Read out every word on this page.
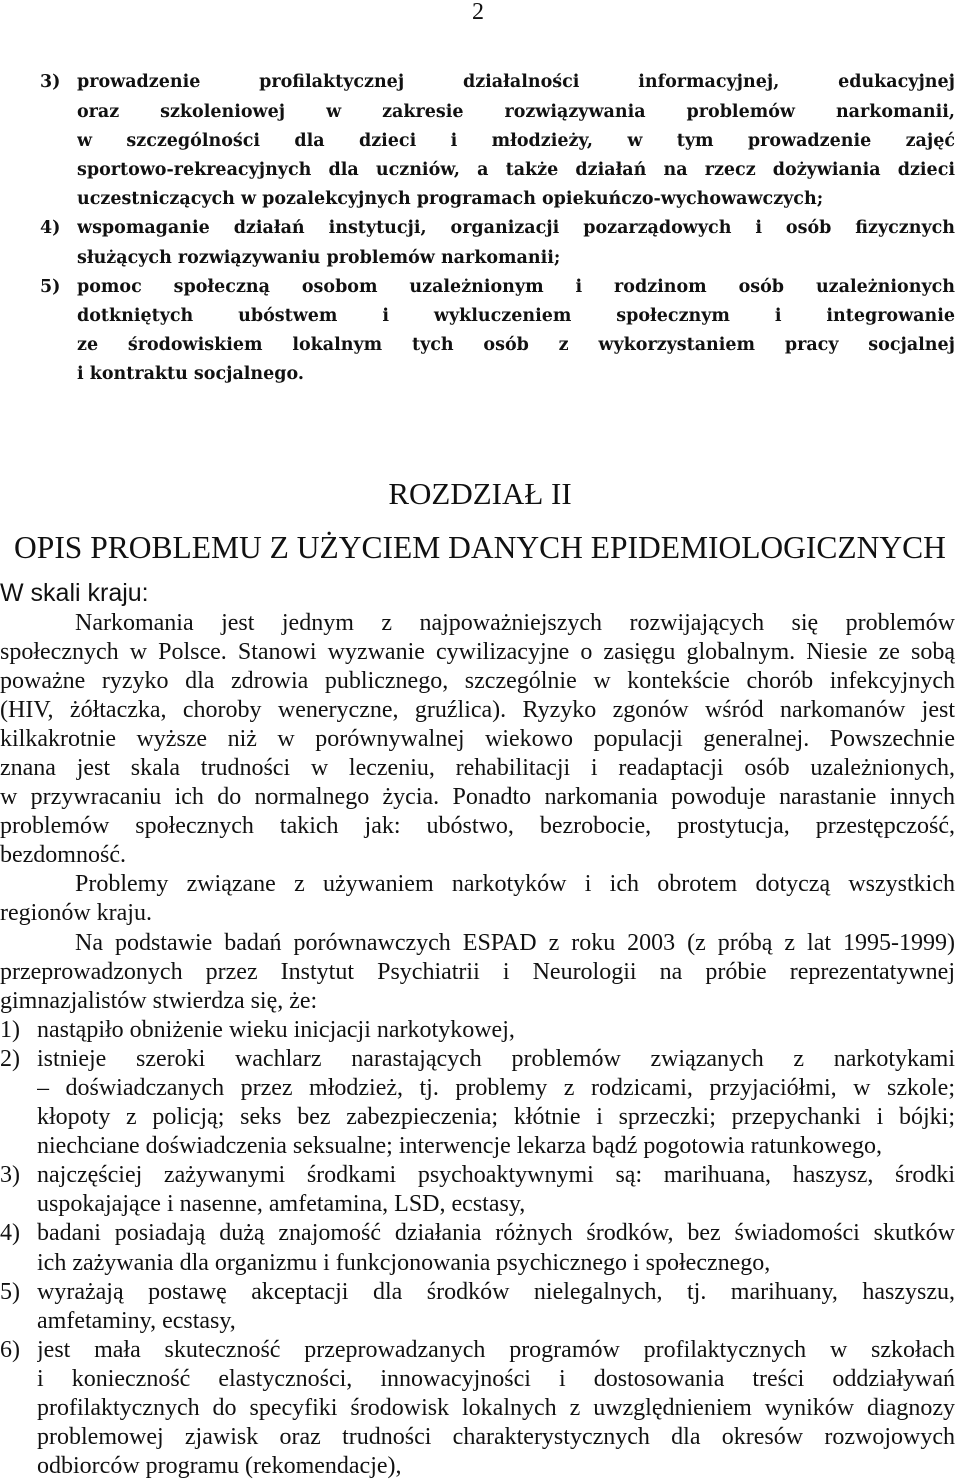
2
3) prowadzenie profilaktycznej działalności informacyjnej, edukacyjnej
oraz szkoleniowej w zakresie rozwiązywania problemów narkomanii,
w szczególności dla dzieci i młodzieży, w tym prowadzenie zajęć
sportowo-rekreacyjnych dla uczniów, a także działań na rzecz dożywiania dzieci
uczestniczących w pozalekcyjnych programach opiekuńczo-wychowawczych;
4) wspomaganie działań instytucji, organizacji pozarządowych i osób fizycznych
służących rozwiązywaniu problemów narkomanii;
5) pomoc społeczną osobom uzależnionym i rodzinom osób uzależnionych
dotkniętych ubóstwem i wykluczeniem społecznym i integrowanie
ze środowiskiem lokalnym tych osób z wykorzystaniem pracy socjalnej
i kontraktu socjalnego.
ROZDZIAŁ II
OPIS PROBLEMU Z UŻYCIEM DANYCH EPIDEMIOLOGICZNYCH
W skali kraju:
Narkomania jest jednym z najpoważniejszych rozwijających się problemów
społecznych w Polsce. Stanowi wyzwanie cywilizacyjne o zasięgu globalnym. Niesie ze sobą
poważne ryzyko dla zdrowia publicznego, szczególnie w kontekście chorób infekcyjnych
(HIV, żółtaczka, choroby weneryczne, gruźlica). Ryzyko zgonów wśród narkomanów jest
kilkakrotnie wyższe niż w porównywalnej wiekowo populacji generalnej. Powszechnie
znana jest skala trudności w leczeniu, rehabilitacji i readaptacji osób uzależnionych,
w przywracaniu ich do normalnego życia. Ponadto narkomania powoduje narastanie innych
problemów społecznych takich jak: ubóstwo, bezrobocie, prostytucja, przestępczość,
bezdomność.
Problemy związane z używaniem narkotyków i ich obrotem dotyczą wszystkich
regionów kraju.
Na podstawie badań porównawczych ESPAD z roku 2003 (z próbą z lat 1995-1999)
przeprowadzonych przez Instytut Psychiatrii i Neurologii na próbie reprezentatywnej
gimnazjalistów stwierdza się, że:
1) nastąpiło obniżenie wieku inicjacji narkotykowej,
2) istnieje szeroki wachlarz narastających problemów związanych z narkotykami
– doświadczanych przez młodzież, tj. problemy z rodzicami, przyjaciółmi, w szkole;
kłopoty z policją; seks bez zabezpieczenia; kłótnie i sprzeczki; przepychanki i bójki;
niechciane doświadczenia seksualne; interwencje lekarza bądź pogotowia ratunkowego,
3) najczęściej zażywanymi środkami psychoaktywnymi są: marihuana, haszysz, środki
uspokajające i nasenne, amfetamina, LSD, ecstasy,
4) badani posiadają dużą znajomość działania różnych środków, bez świadomości skutków
ich zażywania dla organizmu i funkcjonowania psychicznego i społecznego,
5) wyrażają postawę akceptacji dla środków nielegalnych, tj. marihuany, haszyszu,
amfetaminy, ecstasy,
6) jest mała skuteczność przeprowadzanych programów profilaktycznych w szkołach
i konieczność elastyczności, innowacyjności i dostosowania treści oddziaływań
profilaktycznych do specyfiki środowisk lokalnych z uwzględnieniem wyników diagnozy
problemowej zjawisk oraz trudności charakterystycznych dla okresów rozwojowych
odbiorców programu (rekomendacje),
